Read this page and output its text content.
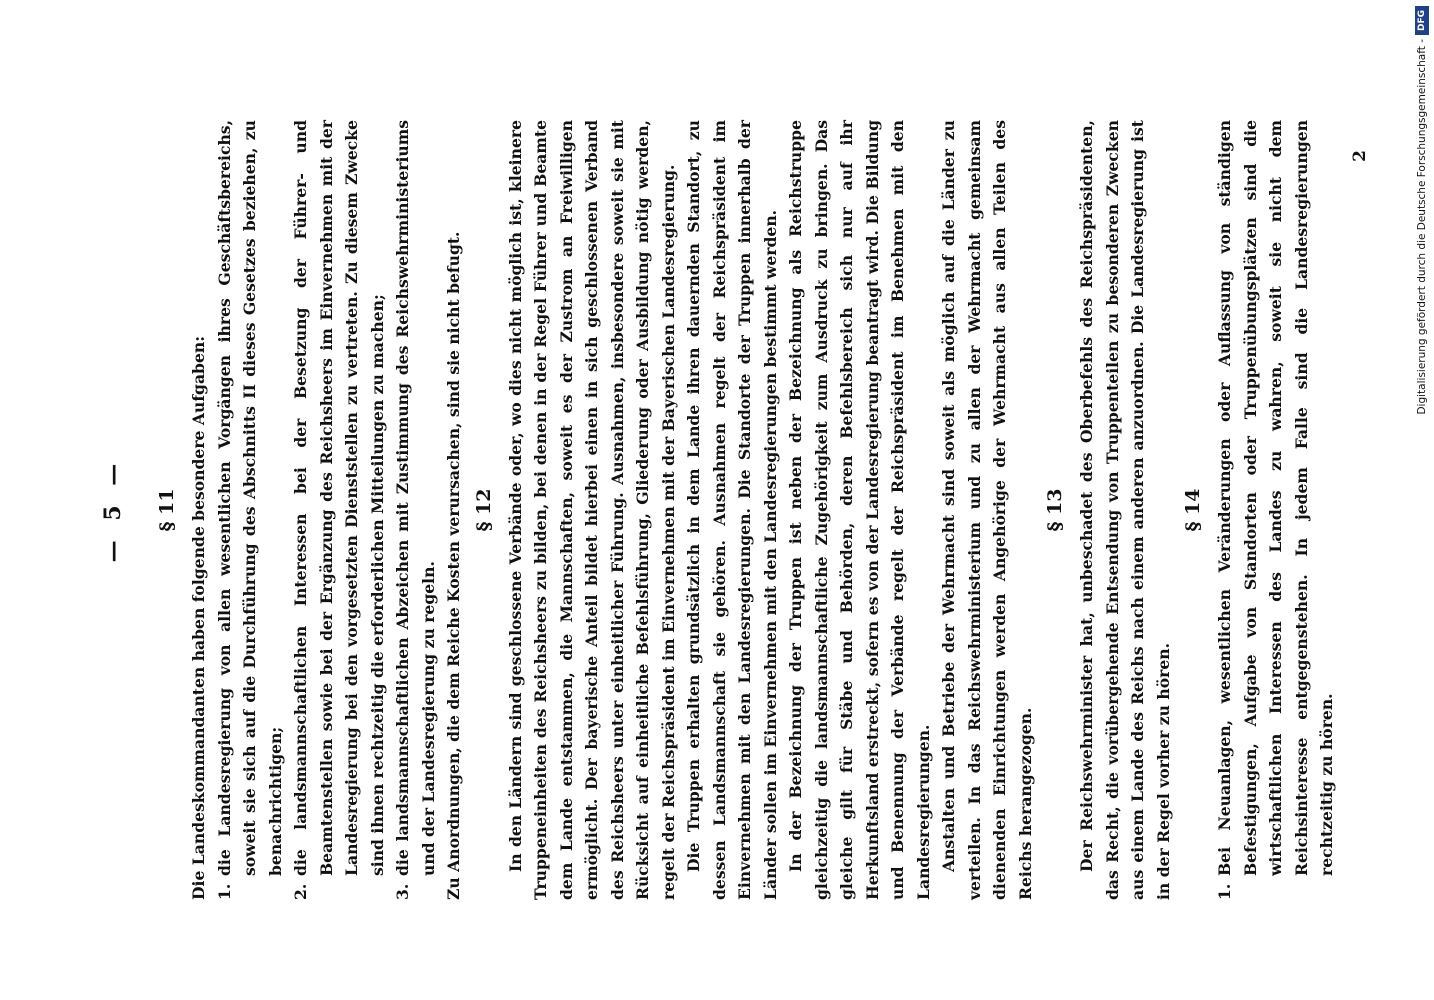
— 5 —	§ 11 Die Landeskommandanten haben folgende besondere Aufgaben: 1.

die Landesregierung von allen wesentlichen Vorgängen ihres Geschäftsbereichs, soweit sie sich auf die Durchführung des Abschnitts II dieses Gesetzes beziehen, zu benachrichtigen;

2.

die landsmannschaftlichen Interessen bei der Besetzung der Führer- und Beamtenstellen sowie bei der Ergänzung des Reichsheers im Einvernehmen mit der Landesregierung bei den vorgesetzten Dienststellen zu vertreten. Zu diesem Zwecke sind ihnen rechtzeitig die erforderlichen Mitteilungen zu machen;

3.

die landsmannschaftlichen Abzeichen mit Zustimmung des Reichswehrministeriums und der Landesregierung zu regeln. Zu Anordnungen, die dem Reiche Kosten verursachen, sind sie nicht befugt. § 12 In den Ländern sind geschlossene Verbände oder, wo dies nicht möglich ist, kleinere Truppeneinheiten des Reichsheers zu bilden, bei denen in der Regel Führer und Beamte dem Lande entstammen, die Mannschaften, soweit es der Zustrom an Freiwilligen ermöglicht. Der bayerische Anteil bildet hierbei einen in sich geschlossenen Verband des Reichsheers unter einheitlicher Führung. Ausnahmen, insbesondere soweit sie mit Rücksicht auf einheitliche Befehlsführung, Gliederung oder Ausbildung nötig werden, regelt der Reichspräsident im Einvernehmen mit der Bayerischen Landesregierung. Die Truppen erhalten grundsätzlich in dem Lande ihren dauernden Standort, zu dessen Landsmannschaft sie gehören. Ausnahmen regelt der Reichspräsident im Einvernehmen mit den Landesregierungen. Die Standorte der Truppen innerhalb der Länder sollen im Einvernehmen mit den Landesregierungen bestimmt werden. In der Bezeichnung der Truppen ist neben der Bezeichnung als Reichstruppe gleichzeitig die landsmannschaftliche Zugehörigkeit zum Ausdruck zu bringen. Das gleiche gilt für Stäbe und Behörden, deren Befehlsbereich sich nur auf ihr Herkunftsland erstreckt, sofern es von der Landesregierung beantragt wird. Die Bildung und Benennung der Verbände regelt der Reichspräsident im Benehmen mit den Landesregierungen. Anstalten und Betriebe der Wehrmacht sind soweit als möglich auf die Länder zu verteilen. In das Reichswehrministerium und zu allen der Wehrmacht gemeinsam dienenden Einrichtungen werden Angehörige der Wehrmacht aus allen Teilen des Reichs herangezogen.

§ 13 Der Reichswehrminister hat, unbeschadet des Oberbefehls des Reichspräsidenten, das Recht, die vorübergehende Entsendung von Truppenteilen zu besonderen Zwecken aus einem Lande des Reichs nach einem anderen anzuordnen. Die Landesregierung ist in der Regel vorher zu hören.

§ 14
1.

Bei Neuanlagen, wesentlichen Veränderungen oder Auflassung von ständigen Befestigungen, Aufgabe von Standorten oder Truppenübungsplätzen sind die wirtschaftlichen Interessen des Landes zu wahren, soweit sie nicht dem Reichsinteresse entgegenstehen. In jedem Falle sind die Landesregierungen rechtzeitig zu hören.

2	Digitalisierung gefördert durch die Deutsche Forschungsgemeinschaft -
DFG
